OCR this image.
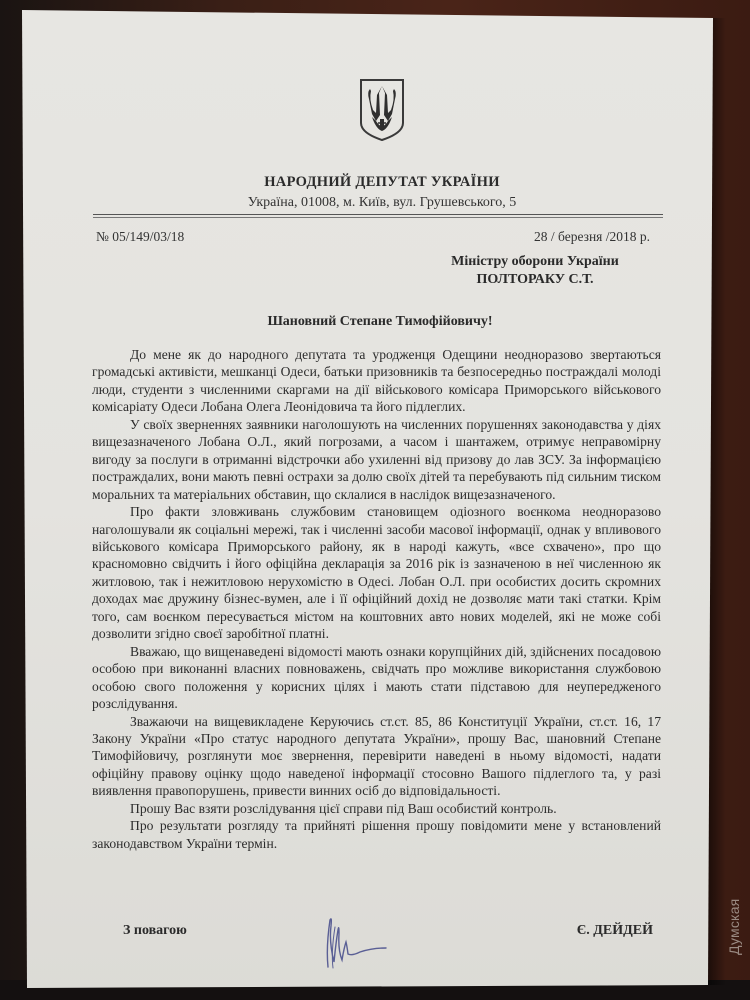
НАРОДНИЙ ДЕПУТАТ УКРАЇНИ
Україна, 01008, м. Київ, вул. Грушевського, 5
№ 05/149/03/18	28 / березня /2018 р.
Міністру оборони України
ПОЛТОРАКУ С.Т.
Шановний Степане Тимофійовичу!

До мене як до народного депутата та уродженця Одещини неодноразово звертаються громадські активісти, мешканці Одеси, батьки призовників та безпосередньо постраждалі молоді люди, студенти з численними скаргами на дії військового комісара Приморського військового комісаріату Одеси Лобана Олега Леонідовича та його підлеглих.

У своїх зверненнях заявники наголошують на численних порушеннях законодавства у діях вищезазначеного Лобана О.Л., який погрозами, а часом і шантажем, отримує неправомірну вигоду за послуги в отриманні відстрочки або ухиленні від призову до лав ЗСУ. За інформацією постраждалих, вони мають певні острахи за долю своїх дітей та перебувають під сильним тиском моральних та матеріальних обставин, що склалися в наслідок вищезазначеного.

Про факти зловживань службовим становищем одіозного воєнкома неодноразово наголошували як соціальні мережі, так і численні засоби масової інформації, однак у впливового військового комісара Приморського району, як в народі кажуть, «все схвачено», про що красномовно свідчить і його офіційна декларація за 2016 рік із зазначеною в неї численною як житловою, так і нежитловою нерухомістю в Одесі. Лобан О.Л. при особистих досить скромних доходах має дружину бізнес-вумен, але і її офіційний дохід не дозволяє мати такі статки. Крім того, сам воєнком пересувається містом на коштовних авто нових моделей, які не може собі дозволити згідно своєї заробітної платні.

Вважаю, що вищенаведені відомості мають ознаки корупційних дій, здійснених посадовою особою при виконанні власних повноважень, свідчать про можливе використання службовою особою свого положення у корисних цілях і мають стати підставою для неупередженого розслідування.

Зважаючи на вищевикладене Керуючись ст.ст. 85, 86 Конституції України, ст.ст. 16, 17 Закону України «Про статус народного депутата України», прошу Вас, шановний Степане Тимофійовичу, розглянути моє звернення, перевірити наведені в ньому відомості, надати офіційну правову оцінку щодо наведеної інформації стосовно Вашого підлеглого та, у разі виявлення правопорушень, привести винних осіб до відповідальності.

Прошу Вас взяти розслідування цієї справи під Ваш особистий контроль.

Про результати розгляду та прийняті рішення прошу повідомити мене у встановлений законодавством України термін.

З повагою	Є. ДЕЙДЕЙ	Думская
